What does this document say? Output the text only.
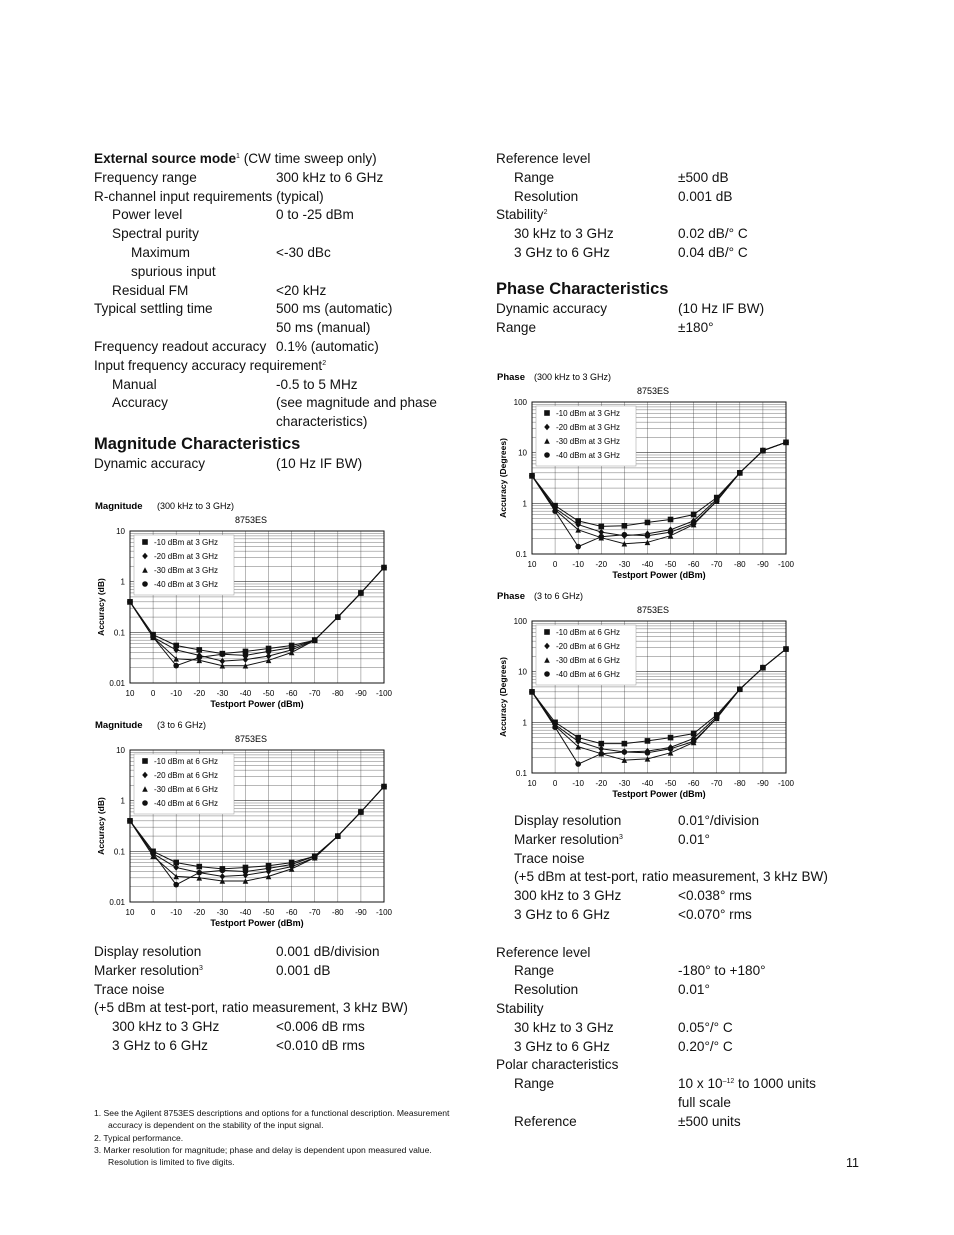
External source mode$^1$ (CW time sweep only)
Frequency range	300 kHz to 6 GHz
R-channel input requirements (typical)
Power level	0 to -25 dBm
Spectral purity
Maximum	<-30 dBc
spurious input
Residual FM	<20 kHz
Typical settling time	500 ms (automatic)
50 ms (manual)
Frequency readout accuracy 0.1% (automatic)
Input frequency accuracy requirement$^2$
Manual	-0.5 to 5 MHz
Accuracy	(see magnitude and phase
characteristics)
Magnitude Characteristics
Dynamic accuracy	(10 Hz IF BW)
Display resolution	0.001 dB/division
Marker resolution$^3$	0.001 dB
Trace noise
(+5 dBm at test-port, ratio measurement, 3 kHz BW)
300 kHz to 3 GHz	<0.006 dB rms
3 GHz to 6 GHz	<0.010 dB rms
Reference level
Range	±500 dB
Resolution	0.001 dB
Stability$^2$
30 kHz to 3 GHz	0.02 dB/° C
3 GHz to 6 GHz	0.04 dB/° C
Phase Characteristics
Dynamic accuracy	(10 Hz IF BW)
Range	±180°
Display resolution	0.01°/division
Marker resolution$^3$	0.01°
Trace noise
(+5 dBm at test-port, ratio measurement, 3 kHz BW)
300 kHz to 3 GHz	<0.038° rms
3 GHz to 6 GHz	<0.070° rms
Reference level
Range	-180° to +180°
Resolution	0.01°
Stability
30 kHz to 3 GHz	0.05°/° C
3 GHz to 6 GHz	0.20°/° C
Polar characteristics
Range	10 x $10^{-12}$ to 1000 units
full scale
Reference	±500 units
Magnitude (300 kHz to 3 GHz)
8753ES
10
1
0.1
0.01
10 0 -10 -20 -30 -40 -50 -60 -70 -80 -90 -100
Testport Power (dBm)
Accuracy (dB)
-10 dBm at 3 GHz
-20 dBm at 3 GHz
-30 dBm at 3 GHz
-40 dBm at 3 GHz
Magnitude (3 to 6 GHz)
8753ES
10
1
0.1
0.01
10 0 -10 -20 -30 -40 -50 -60 -70 -80 -90 -100
Testport Power (dBm)
Accuracy (dB)
-10 dBm at 6 GHz
-20 dBm at 6 GHz
-30 dBm at 6 GHz
-40 dBm at 6 GHz
Phase (300 kHz to 3 GHz)
8753ES
100
10
1
0.1
10 0 -10 -20 -30 -40 -50 -60 -70 -80 -90 -100
Testport Power (dBm)
Accuracy (Degrees)
-10 dBm at 3 GHz
-20 dBm at 3 GHz
-30 dBm at 3 GHz
-40 dBm at 3 GHz
Phase (3 to 6 GHz)
8753ES
100
10
1
0.1
10 0 -10 -20 -30 -40 -50 -60 -70 -80 -90 -100
Testport Power (dBm)
Accuracy (Degrees)
-10 dBm at 6 GHz
-20 dBm at 6 GHz
-30 dBm at 6 GHz
-40 dBm at 6 GHz
1. See the Agilent 8753ES descriptions and options for a functional description. Measurement accuracy is dependent on the stability of the input signal.
2. Typical performance.
3. Marker resolution for magnitude; phase and delay is dependent upon measured value. Resolution is limited to five digits.	11
